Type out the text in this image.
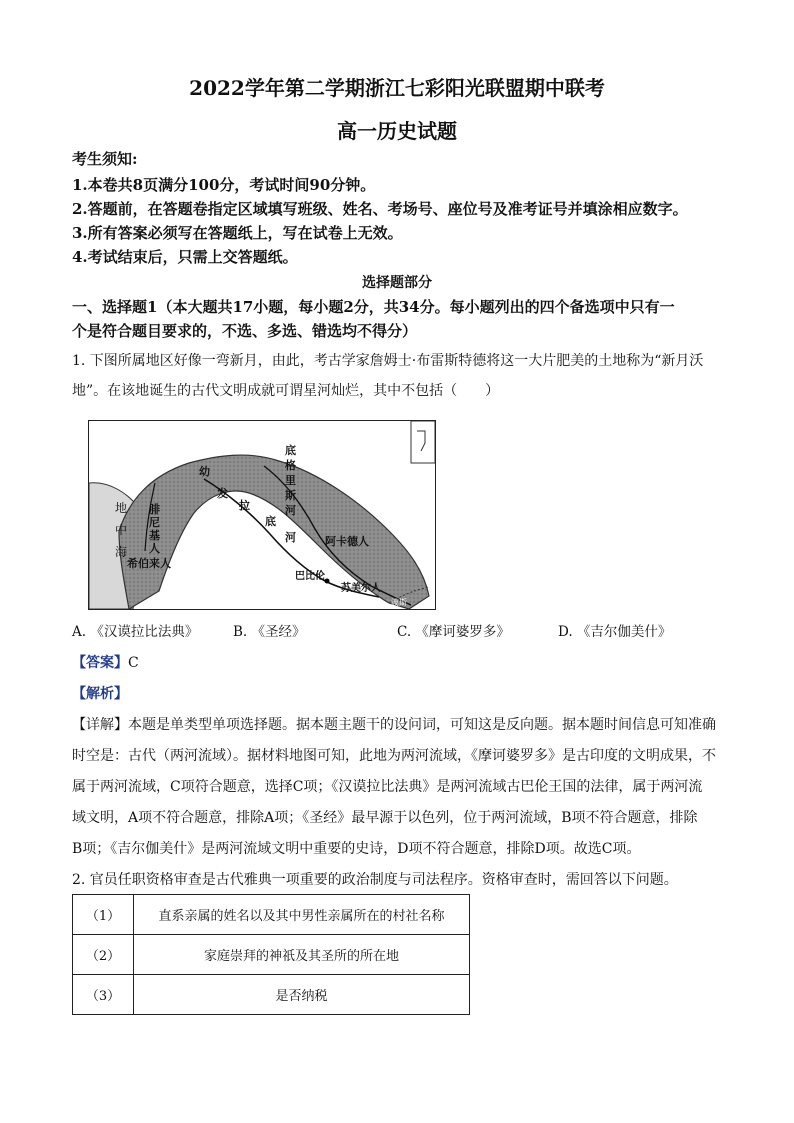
2022学年第二学期浙江七彩阳光联盟期中联考
高一历史试题
考生须知:
1.本卷共8页满分100分，考试时间90分钟。
2.答题前，在答题卷指定区域填写班级、姓名、考场号、座位号及准考证号并填涂相应数字。
3.所有答案必须写在答题纸上，写在试卷上无效。
4.考试结束后，只需上交答题纸。
选择题部分
一、选择题1（本大题共17小题，每小题2分，共34分。每小题列出的四个备选项中只有一
个是符合题目要求的，不选、多选、错选均不得分）
1. 下图所属地区好像一弯新月，由此，考古学家詹姆士·布雷斯特德将这一大片肥美的土地称为“新月沃
地”。在该地诞生的古代文明成就可谓星河灿烂，其中不包括（　　）
地
中
海
腓
尼
基
人
希伯来人
幼
发
拉
底
河
底
格
里
斯
河
阿卡德人
巴比伦
苏美尔人
波斯
A. 《汉谟拉比法典》	B. 《圣经》	C. 《摩诃婆罗多》	D. 《吉尔伽美什》
【答案】C
【解析】
【详解】本题是单类型单项选择题。据本题主题干的设问词，可知这是反向题。据本题时间信息可知准确
时空是：古代（两河流域）。据材料地图可知，此地为两河流域，《摩诃婆罗多》是古印度的文明成果，不
属于两河流域，C项符合题意，选择C项；《汉谟拉比法典》是两河流域古巴伦王国的法律，属于两河流
域文明，A项不符合题意，排除A项；《圣经》最早源于以色列，位于两河流域，B项不符合题意，排除
B项；《吉尔伽美什》是两河流域文明中重要的史诗，D项不符合题意，排除D项。故选C项。
2. 官员任职资格审查是古代雅典一项重要的政治制度与司法程序。资格审查时，需回答以下问题。
（1）	直系亲属的姓名以及其中男性亲属所在的村社名称
（2）	家庭崇拜的神祇及其圣所的所在地
（3）	是否纳税
